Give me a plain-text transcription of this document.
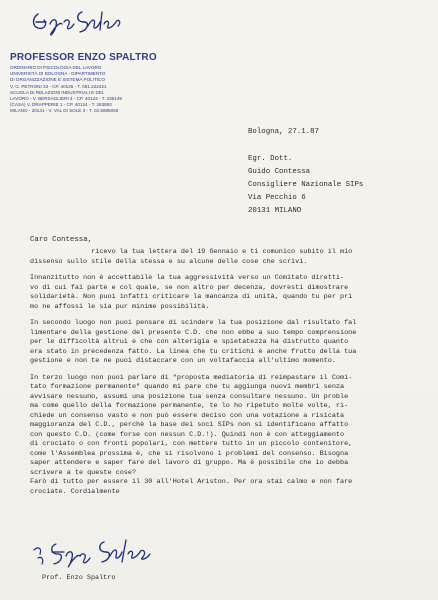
PROFESSOR ENZO SPALTRO
ORDINARIO DI PSICOLOGIA DEL LAVORO
UNIVERSITÀ DI BOLOGNA - DIPARTIMENTO
DI ORGANIZZAZIONE E SISTEMA POLITICO
V. G. PETRONI 33 - CP. 40126 - T. 051.222421
SCUOLA DI RELAZIONI INDUSTRIALI E DEL
LAVORO - V. BERSAGLIERI 4 - CP. 40124 - T. 235149
(CASA) V. DRAPPERIE 1 - CP. 40124 - T. 263892
MILANO - 20141 - V. VAL DI SOLE 3 - T. 02.5695055
Bologna, 27.1.87
Egr. Dott.
Guido Contessa
Consigliere Nazionale SIPs
Via Pecchio 6
20131 MILANO
Caro Contessa,
ricevo la tua lettera del 19 Gennaio e ti comunico subito il mio
dissenso sullo stile della stessa e su alcune delle cose che scrivi.
Innanzitutto non è accettabile la tua aggressività verso un Comitato diretti-
vo di cui fai parte e col quale, se non altro per decenza, dovresti dimostrare
solidarietà. Non puoi infatti criticare la mancanza di unità, quando tu per pri
mo ne affossi le sia pur minime possibilità.
In secondo luogo non puoi pensare di scindere la tua posizione dal risultato fal
limentare della gestione del presente C.D. che non ebbe a suo tempo comprensione
per le difficoltà altrui e che con alterigia e spietatezza ha distrutto quanto
era stato in precedenza fatto. La linea che tu critichi è anche frutto della tua
gestione e non te ne puoi distaccare con un voltafaccia all'ultimo momento.
In terzo luogo non puoi parlare di "proposta mediatoria di reimpastare il Comi-
tato formazione permanente" quando mi pare che tu aggiunga nuovi membri senza
avvisare nessuno, assumi una posizione tua senza consultare nessuno. Un proble
ma come quello della formazione permanente, te lo ho ripetuto molte volte, ri-
chiede un consenso vasto e non può essere deciso con una votazione a risicata
maggioranza del C.D., perchè la base dei soci SIPs non si identificano affatto
con questo C.D. (come forse con nessun C.D.!). Quindi non è con atteggiamento
di crociato o con fronti popolari, con mettere tutto in un piccolo contenitore,
come l'Assemblea prossima è, che si risolvono i problemi del consenso. Bisogna
saper attendere e saper fare del lavoro di gruppo. Ma è possibile che io debba
scrivere a te queste cose?
Farò di tutto per essere il 30 all'Hotel Ariston. Per ora stai calmo e non fare
crociate. Cordialmente
Prof. Enzo Spaltro
